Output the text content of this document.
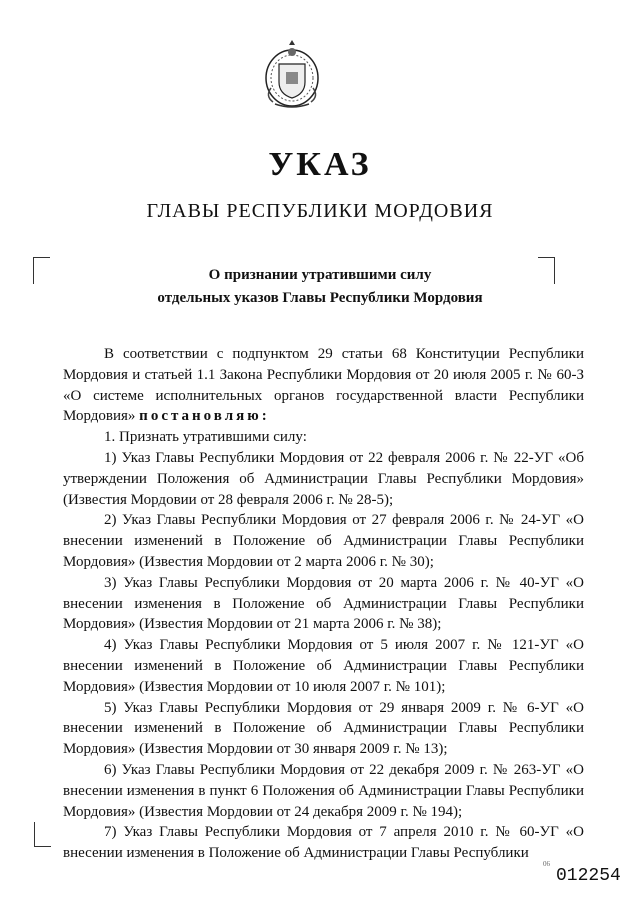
УКАЗ
ГЛАВЫ РЕСПУБЛИКИ МОРДОВИЯ
О признании утратившими силу
отдельных указов Главы Республики Мордовия

В соответствии с подпунктом 29 статьи 68 Конституции Республики Мордовия и статьей 1.1 Закона Республики Мордовия от 20 июля 2005 г. № 60-З «О системе исполнительных органов государственной власти Республики Мордовия» постановляю:

1. Признать утратившими силу:

1) Указ Главы Республики Мордовия от 22 февраля 2006 г. № 22-УГ «Об утверждении Положения об Администрации Главы Республики Мордовия» (Известия Мордовии от 28 февраля 2006 г. № 28-5);

2) Указ Главы Республики Мордовия от 27 февраля 2006 г. № 24-УГ «О внесении изменений в Положение об Администрации Главы Республики Мордовия» (Известия Мордовии от 2 марта 2006 г. № 30);

3) Указ Главы Республики Мордовия от 20 марта 2006 г. № 40-УГ «О внесении изменения в Положение об Администрации Главы Республики Мордовия» (Известия Мордовии от 21 марта 2006 г. № 38);

4) Указ Главы Республики Мордовия от 5 июля 2007 г. № 121-УГ «О внесении изменений в Положение об Администрации Главы Республики Мордовия» (Известия Мордовии от 10 июля 2007 г. № 101);

5) Указ Главы Республики Мордовия от 29 января 2009 г. № 6-УГ «О внесении изменений в Положение об Администрации Главы Республики Мордовия» (Известия Мордовии от 30 января 2009 г. № 13);

6) Указ Главы Республики Мордовия от 22 декабря 2009 г. № 263-УГ «О внесении изменения в пункт 6 Положения об Администрации Главы Республики Мордовия» (Известия Мордовии от 24 декабря 2009 г. № 194);

7) Указ Главы Республики Мордовия от 7 апреля 2010 г. № 60-УГ «О внесении изменения в Положение об Администрации Главы Республики

06
012254
